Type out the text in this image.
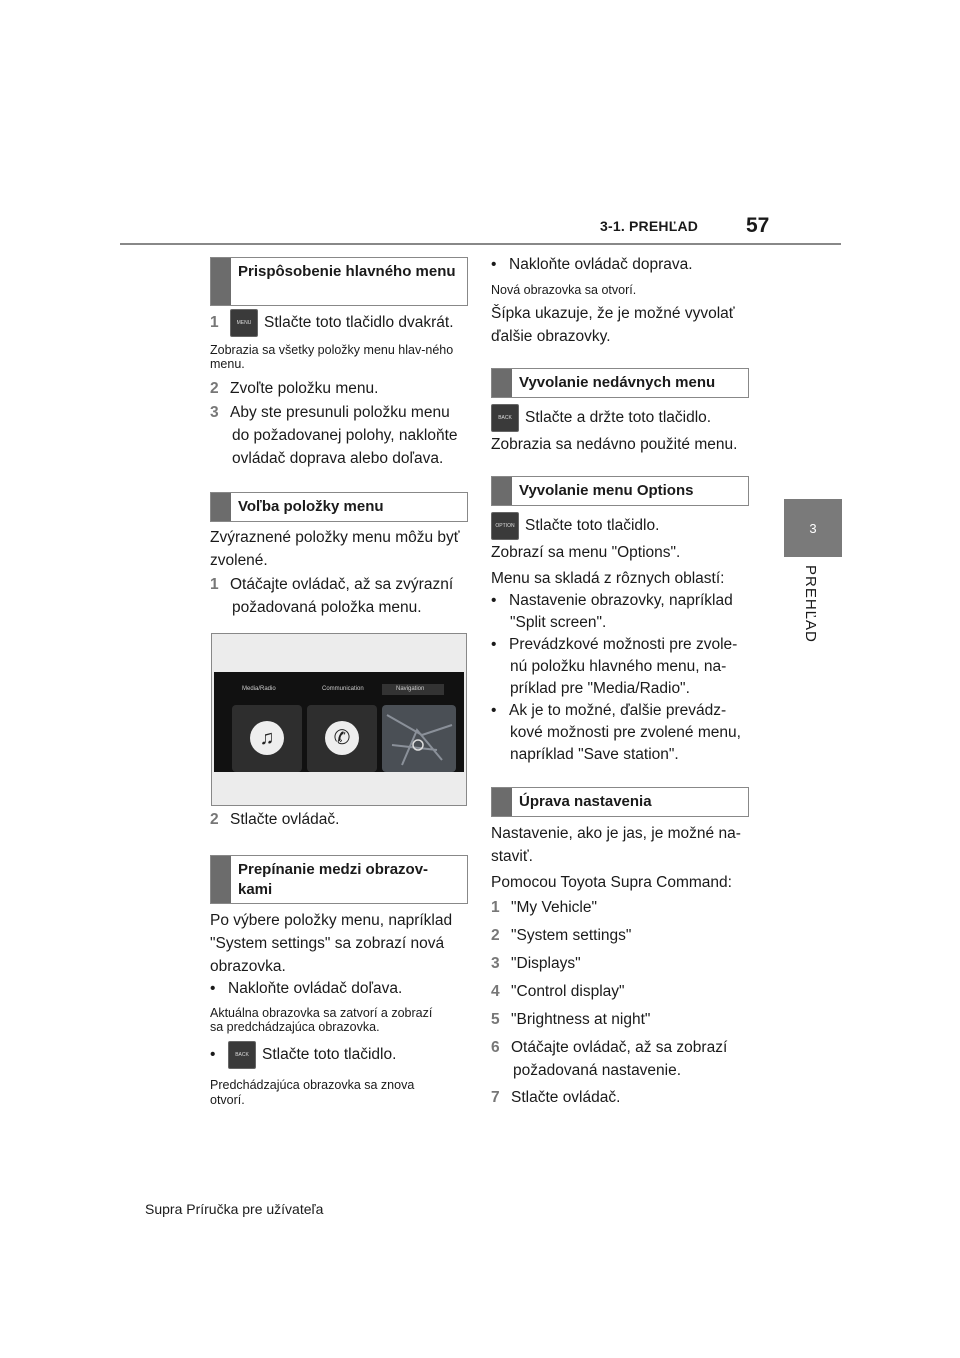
3-1. PREHĽAD 57
3
PREHĽAD
Prispôsobenie hlavného menu
1	MENU Stlačte toto tlačidlo dvakrát.
Zobrazia sa všetky položky menu hlav-ného menu.
2 Zvoľte položku menu.
3 Aby ste presunuli položku menu
do požadovanej polohy, nakloňte
ovládač doprava alebo doľava.
Voľba položky menu
Zvýraznené položky menu môžu byť
zvolené.
1 Otáčajte ovládač, až sa zvýrazní
požadovaná položka menu.
Media/Radio	Communication	Navigation
♫	✆
2 Stlačte ovládač.
Prepínanie medzi obrazov-kami
Po výbere položky menu, napríklad
"System settings" sa zobrazí nová
obrazovka.
• Nakloňte ovládač doľava.
Aktuálna obrazovka sa zatvorí a zobrazí
sa predchádzajúca obrazovka.
•	BACK Stlačte toto tlačidlo.
Predchádzajúca obrazovka sa znova
otvorí.
• Nakloňte ovládač doprava.
Nová obrazovka sa otvorí.
Šípka ukazuje, že je možné vyvolať
ďalšie obrazovky.
Vyvolanie nedávnych menu
BACK Stlačte a držte toto tlačidlo.
Zobrazia sa nedávno použité menu.
Vyvolanie menu Options
OPTION Stlačte toto tlačidlo.
Zobrazí sa menu "Options".
Menu sa skladá z rôznych oblastí:
• Nastavenie obrazovky, napríklad
"Split screen".
• Prevádzkové možnosti pre zvole-
nú položku hlavného menu, na-
príklad pre "Media/Radio".
• Ak je to možné, ďalšie prevádz-
kové možnosti pre zvolené menu,
napríklad "Save station".
Úprava nastavenia
Nastavenie, ako je jas, je možné na-
staviť.
Pomocou Toyota Supra Command:
1 "My Vehicle"
2 "System settings"
3 "Displays"
4 "Control display"
5 "Brightness at night"
6 Otáčajte ovládač, až sa zobrazí
požadovaná nastavenie.
7 Stlačte ovládač.
Supra Príručka pre užívateľa
